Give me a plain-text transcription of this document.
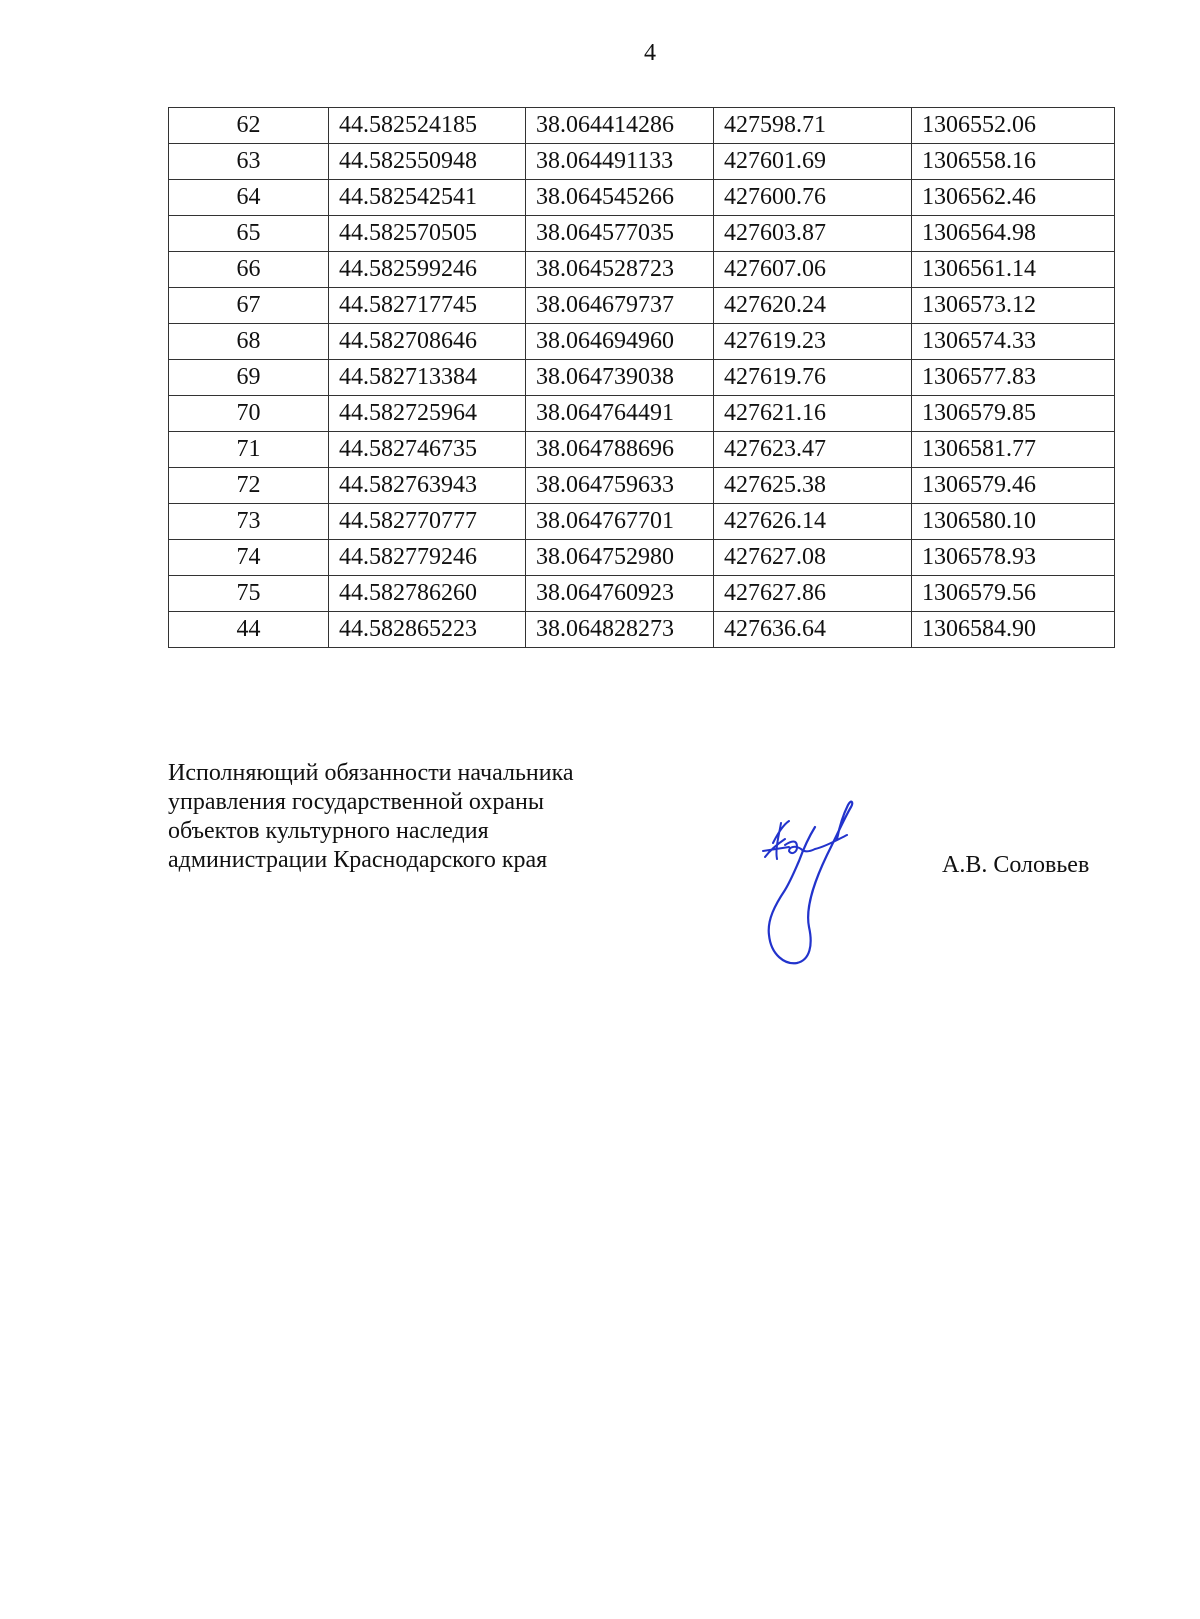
4
62	44.582524185	38.064414286	427598.71	1306552.06
63	44.582550948	38.064491133	427601.69	1306558.16
64	44.582542541	38.064545266	427600.76	1306562.46
65	44.582570505	38.064577035	427603.87	1306564.98
66	44.582599246	38.064528723	427607.06	1306561.14
67	44.582717745	38.064679737	427620.24	1306573.12
68	44.582708646	38.064694960	427619.23	1306574.33
69	44.582713384	38.064739038	427619.76	1306577.83
70	44.582725964	38.064764491	427621.16	1306579.85
71	44.582746735	38.064788696	427623.47	1306581.77
72	44.582763943	38.064759633	427625.38	1306579.46
73	44.582770777	38.064767701	427626.14	1306580.10
74	44.582779246	38.064752980	427627.08	1306578.93
75	44.582786260	38.064760923	427627.86	1306579.56
44	44.582865223	38.064828273	427636.64	1306584.90
Исполняющий обязанности начальника
управления государственной охраны
объектов культурного наследия
администрации Краснодарского края	А.В. Соловьев
